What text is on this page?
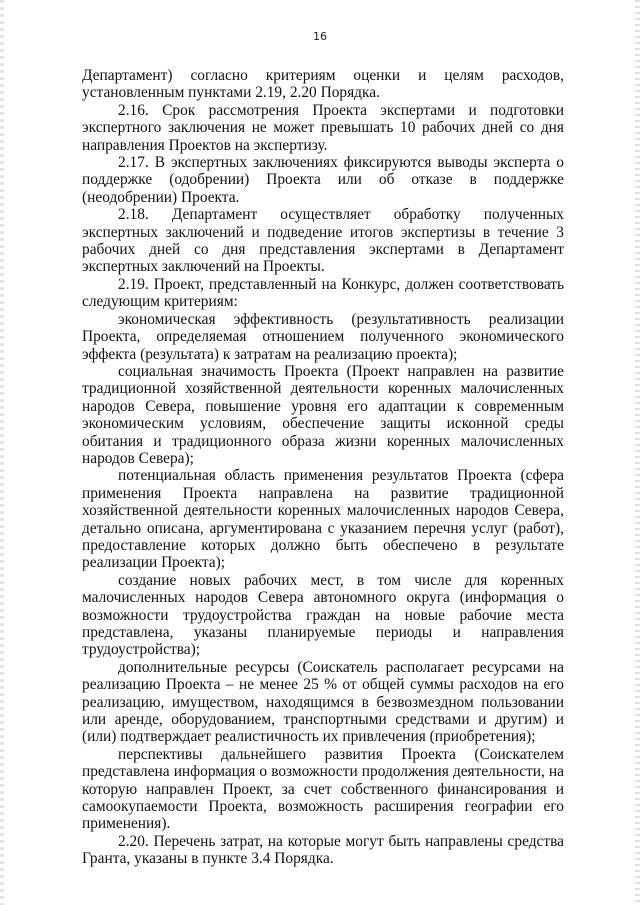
16

Департамент) согласно критериям оценки и целям расходов, установленным пунктами 2.19, 2.20 Порядка.

2.16. Срок рассмотрения Проекта экспертами и подготовки экспертного заключения не может превышать 10 рабочих дней со дня направления Проектов на экспертизу.

2.17. В экспертных заключениях фиксируются выводы эксперта о поддержке (одобрении) Проекта или об отказе в поддержке (неодобрении) Проекта.

2.18. Департамент осуществляет обработку полученных экспертных заключений и подведение итогов экспертизы в течение 3 рабочих дней со дня представления экспертами в Департамент экспертных заключений на Проекты.

2.19. Проект, представленный на Конкурс, должен соответствовать следующим критериям:

экономическая эффективность (результативность реализации Проекта, определяемая отношением полученного экономического эффекта (результата) к затратам на реализацию проекта);

социальная значимость Проекта (Проект направлен на развитие традиционной хозяйственной деятельности коренных малочисленных народов Севера, повышение уровня его адаптации к современным экономическим условиям, обеспечение защиты исконной среды обитания и традиционного образа жизни коренных малочисленных народов Севера);

потенциальная область применения результатов Проекта (сфера применения Проекта направлена на развитие традиционной хозяйственной деятельности коренных малочисленных народов Севера, детально описана, аргументирована с указанием перечня услуг (работ), предоставление которых должно быть обеспечено в результате реализации Проекта);

создание новых рабочих мест, в том числе для коренных малочисленных народов Севера автономного округа (информация о возможности трудоустройства граждан на новые рабочие места представлена, указаны планируемые периоды и направления трудоустройства);

дополнительные ресурсы (Соискатель располагает ресурсами на реализацию Проекта – не менее 25 % от общей суммы расходов на его реализацию, имуществом, находящимся в безвозмездном пользовании или аренде, оборудованием, транспортными средствами и другим) и (или) подтверждает реалистичность их привлечения (приобретения);

перспективы дальнейшего развития Проекта (Соискателем представлена информация о возможности продолжения деятельности, на которую направлен Проект, за счет собственного финансирования и самоокупаемости Проекта, возможность расширения географии его применения).

2.20. Перечень затрат, на которые могут быть направлены средства Гранта, указаны в пункте 3.4 Порядка.
